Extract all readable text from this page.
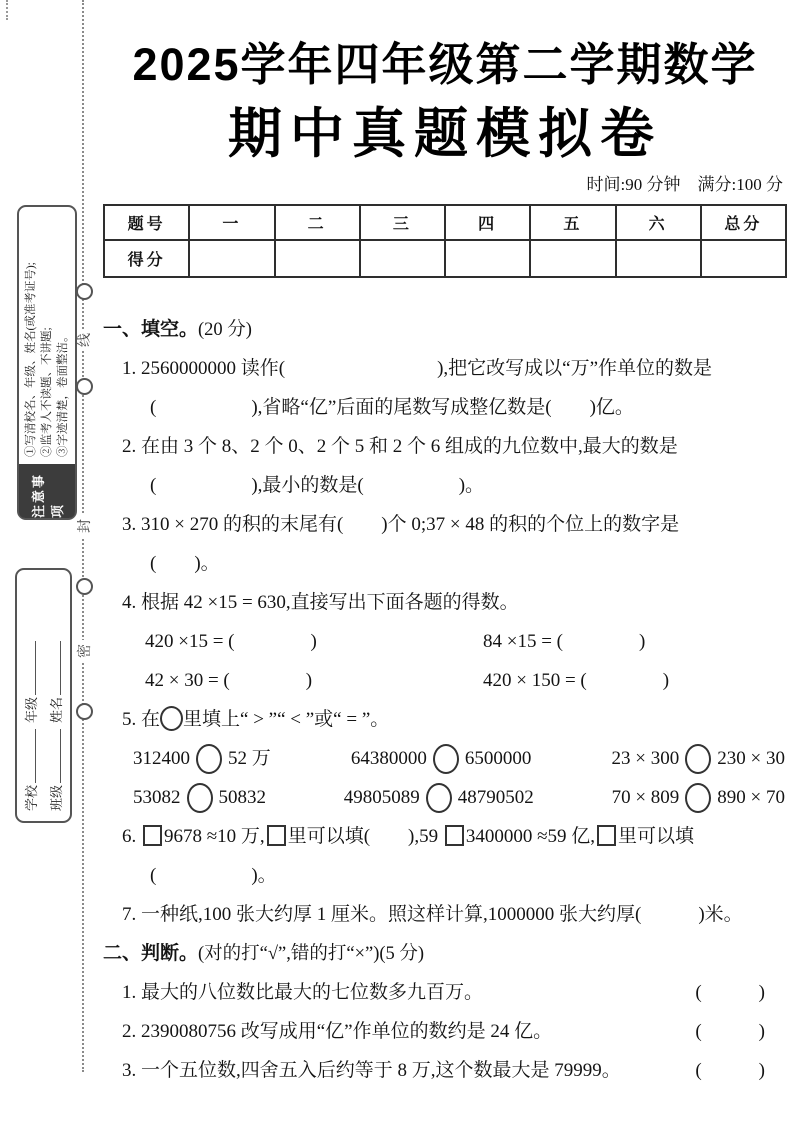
线
封
密
注意事项
①写清校名、年级、姓名(或准考证号); ②监考人不读题、不讲题; ③字迹清楚，卷面整洁。
学校
年级
班级
姓名
2025学年四年级第二学期数学
期中真题模拟卷
时间:90 分钟　满分:100 分
题号	一	二	三	四	五	六	总分
得分							
一、填空。(20 分)
1. 2560000000 读作(　　　　　　　　),把它改写成以“万”作单位的数是
(　　　　　),省略“亿”后面的尾数写成整亿数是(　　)亿。
2. 在由 3 个 8、2 个 0、2 个 5 和 2 个 6 组成的九位数中,最大的数是
(　　　　　),最小的数是(　　　　　)。
3. 310 × 270 的积的末尾有(　　)个 0;37 × 48 的积的个位上的数字是
(　　)。
4. 根据 42 ×15 = 630,直接写出下面各题的得数。
420 ×15 = (　　　　)	84 ×15 = (　　　　)
42 × 30 = (　　　　)	420 × 150 = (　　　　)
5. 在 里填上“ > ”“ < ”或“ = ”。
312400 52 万	64380000 6500000	23 × 300 230 × 30
53082 50832	49805089 48790502	70 × 809 890 × 70
6. 9678 ≈10 万, 里可以填(　　),59 3400000 ≈59 亿, 里可以填
(　　　　　)。
7. 一种纸,100 张大约厚 1 厘米。照这样计算,1000000 张大约厚(　　　)米。
二、判断。(对的打“√”,错的打“×”)(5 分)
1. 最大的八位数比最大的七位数多九百万。	(　　　)
2. 2390080756 改写成用“亿”作单位的数约是 24 亿。	(　　　)
3. 一个五位数,四舍五入后约等于 8 万,这个数最大是 79999。	(　　　)
